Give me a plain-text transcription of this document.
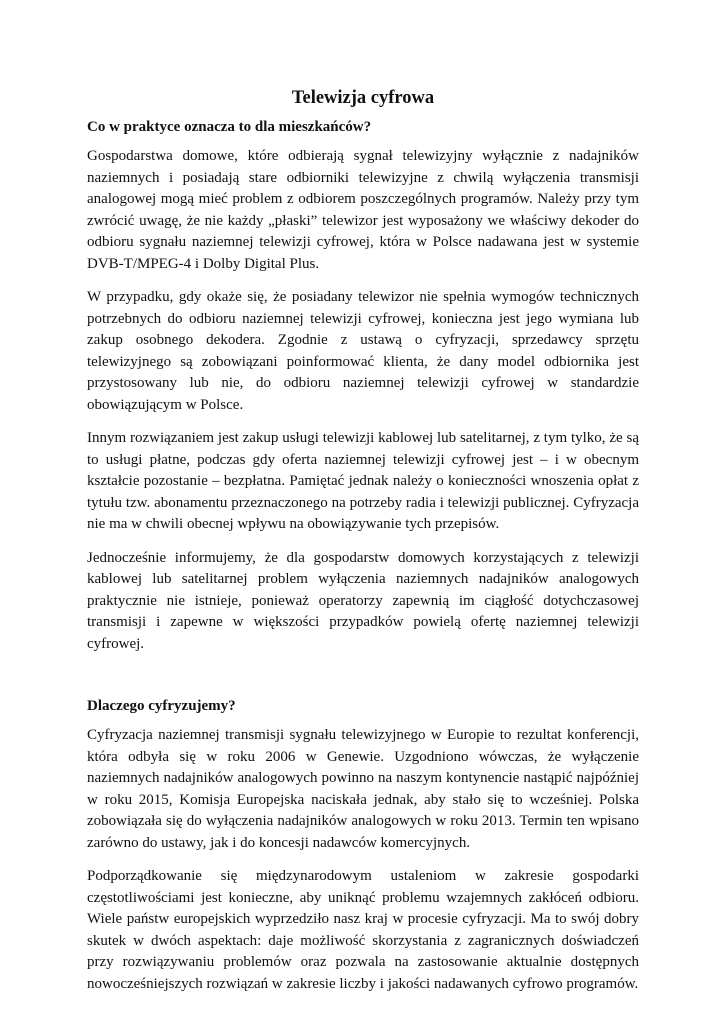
Telewizja cyfrowa
Co w praktyce oznacza to dla mieszkańców?

Gospodarstwa domowe, które odbierają sygnał telewizyjny wyłącznie z nadajników naziemnych i posiadają stare odbiorniki telewizyjne z chwilą wyłączenia transmisji analogowej mogą mieć problem z odbiorem poszczególnych programów. Należy przy tym zwrócić uwagę, że nie każdy „płaski” telewizor jest wyposażony we właściwy dekoder do odbioru sygnału naziemnej telewizji cyfrowej, która w Polsce nadawana jest w systemie DVB-T/MPEG-4 i Dolby Digital Plus.

W przypadku, gdy okaże się, że posiadany telewizor nie spełnia wymogów technicznych potrzebnych do odbioru naziemnej telewizji cyfrowej, konieczna jest jego wymiana lub zakup osobnego dekodera. Zgodnie z ustawą o cyfryzacji, sprzedawcy sprzętu telewizyjnego są zobowiązani poinformować klienta, że dany model odbiornika jest przystosowany lub nie, do odbioru naziemnej telewizji cyfrowej w standardzie obowiązującym w Polsce.

Innym rozwiązaniem jest zakup usługi telewizji kablowej lub satelitarnej, z tym tylko, że są to usługi płatne, podczas gdy oferta naziemnej telewizji cyfrowej jest – i w obecnym kształcie pozostanie – bezpłatna. Pamiętać jednak należy o konieczności wnoszenia opłat z tytułu tzw. abonamentu przeznaczonego na potrzeby radia i telewizji publicznej. Cyfryzacja nie ma w chwili obecnej wpływu na obowiązywanie tych przepisów.

Jednocześnie informujemy, że dla gospodarstw domowych korzystających z telewizji kablowej lub satelitarnej problem wyłączenia naziemnych nadajników analogowych praktycznie nie istnieje, ponieważ operatorzy zapewnią im ciągłość dotychczasowej transmisji i zapewne w większości przypadków powielą ofertę naziemnej telewizji cyfrowej.

Dlaczego cyfryzujemy?

Cyfryzacja naziemnej transmisji sygnału telewizyjnego w Europie to rezultat konferencji, która odbyła się w roku 2006 w Genewie. Uzgodniono wówczas, że wyłączenie naziemnych nadajników analogowych powinno na naszym kontynencie nastąpić najpóźniej w roku 2015, Komisja Europejska naciskała jednak, aby stało się to wcześniej. Polska zobowiązała się do wyłączenia nadajników analogowych w roku 2013. Termin ten wpisano zarówno do ustawy, jak i do koncesji nadawców komercyjnych.

Podporządkowanie się międzynarodowym ustaleniom w zakresie gospodarki częstotliwościami jest konieczne, aby uniknąć problemu wzajemnych zakłóceń odbioru. Wiele państw europejskich wyprzedziło nasz kraj w procesie cyfryzacji. Ma to swój dobry skutek w dwóch aspektach: daje możliwość skorzystania z zagranicznych doświadczeń przy rozwiązywaniu problemów oraz pozwala na zastosowanie aktualnie dostępnych nowocześniejszych rozwiązań w zakresie liczby i jakości nadawanych cyfrowo programów.
